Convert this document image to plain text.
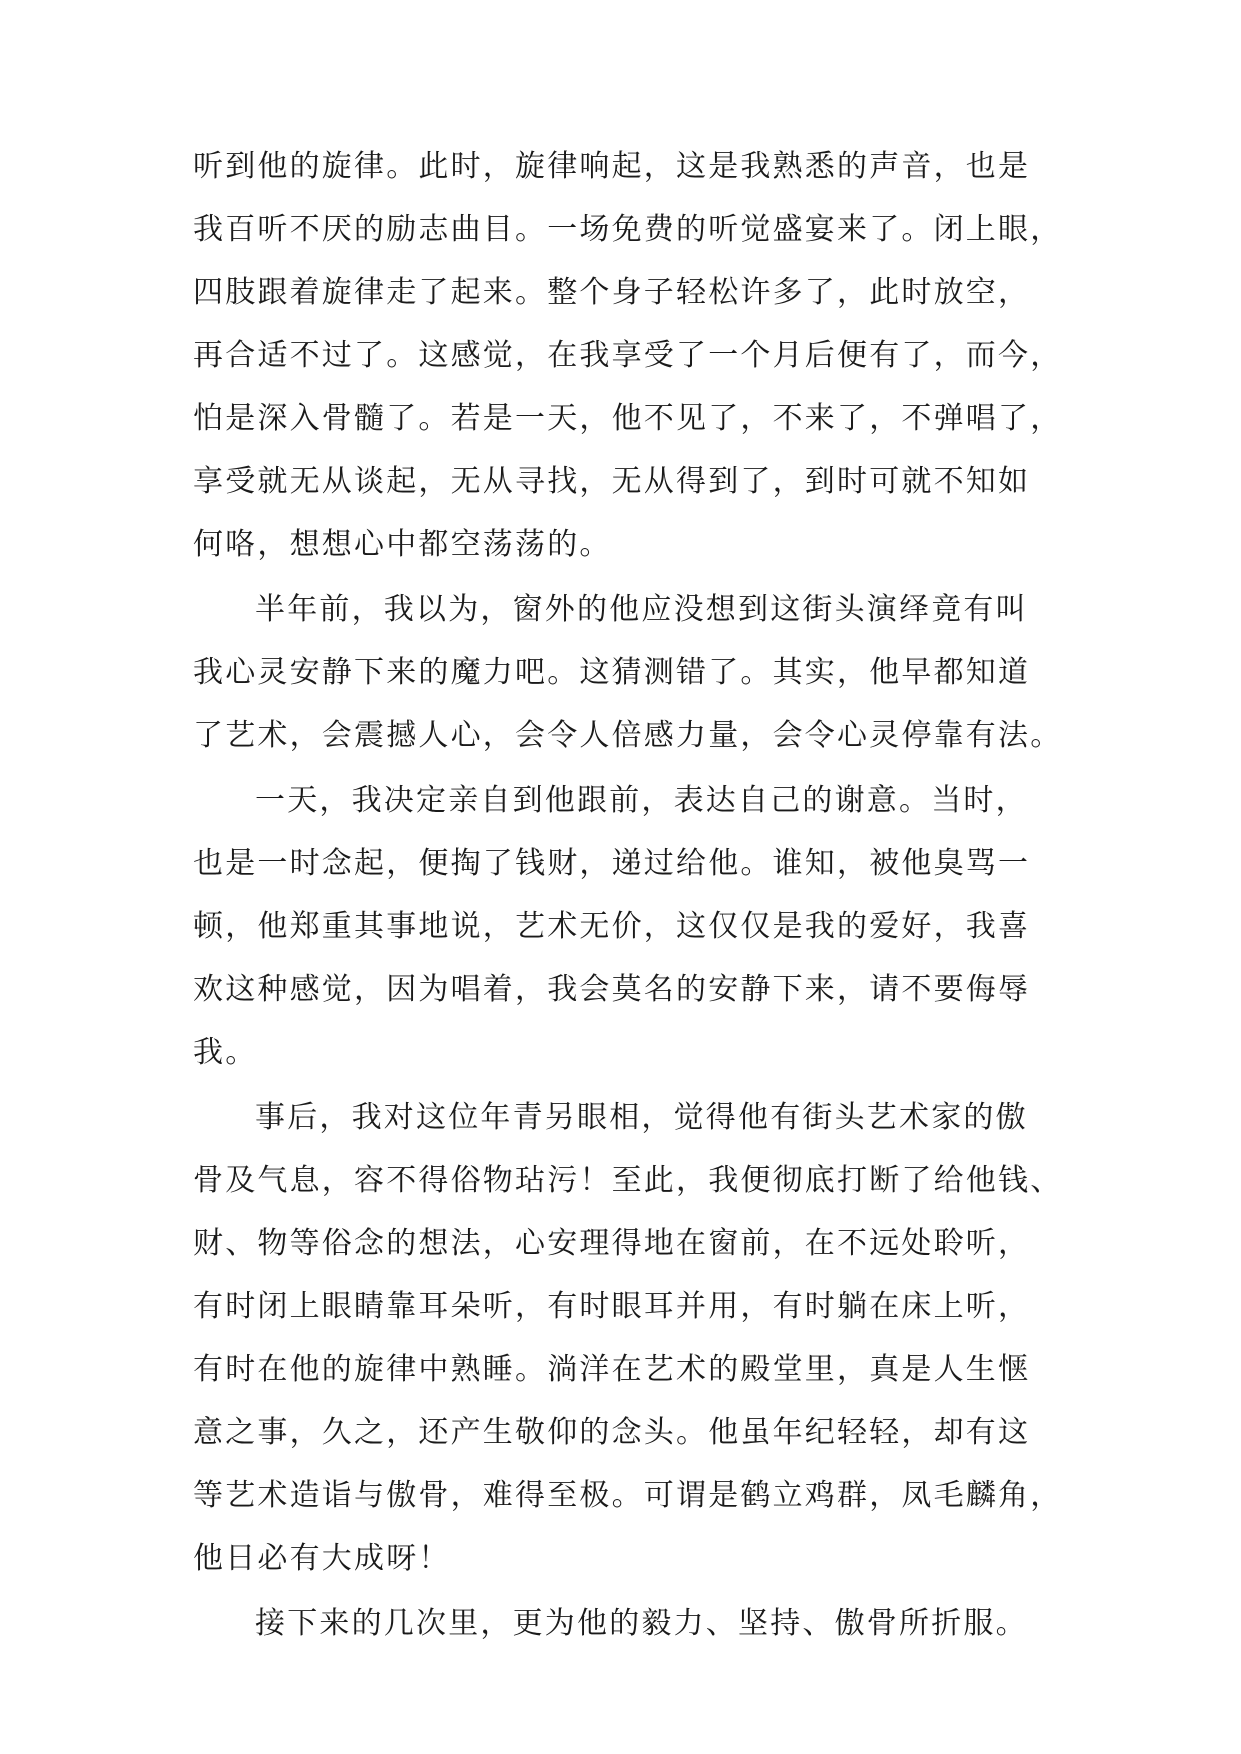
听到他的旋律。此时，旋律响起，这是我熟悉的声音，也是
我百听不厌的励志曲目。一场免费的听觉盛宴来了。闭上眼，
四肢跟着旋律走了起来。整个身子轻松许多了，此时放空，
再合适不过了。这感觉，在我享受了一个月后便有了，而今，
怕是深入骨髓了。若是一天，他不见了，不来了，不弹唱了，
享受就无从谈起，无从寻找，无从得到了，到时可就不知如
何咯，想想心中都空荡荡的。
半年前，我以为，窗外的他应没想到这街头演绎竟有叫
我心灵安静下来的魔力吧。这猜测错了。其实，他早都知道
了艺术，会震撼人心，会令人倍感力量，会令心灵停靠有法。
一天，我决定亲自到他跟前，表达自己的谢意。当时，
也是一时念起，便掏了钱财，递过给他。谁知，被他臭骂一
顿，他郑重其事地说，艺术无价，这仅仅是我的爱好，我喜
欢这种感觉，因为唱着，我会莫名的安静下来，请不要侮辱
我。
事后，我对这位年青另眼相，觉得他有街头艺术家的傲
骨及气息，容不得俗物玷污！至此，我便彻底打断了给他钱、
财、物等俗念的想法，心安理得地在窗前，在不远处聆听，
有时闭上眼睛靠耳朵听，有时眼耳并用，有时躺在床上听，
有时在他的旋律中熟睡。淌洋在艺术的殿堂里，真是人生惬
意之事，久之，还产生敬仰的念头。他虽年纪轻轻，却有这
等艺术造诣与傲骨，难得至极。可谓是鹤立鸡群，凤毛麟角，
他日必有大成呀！
接下来的几次里，更为他的毅力、坚持、傲骨所折服。
